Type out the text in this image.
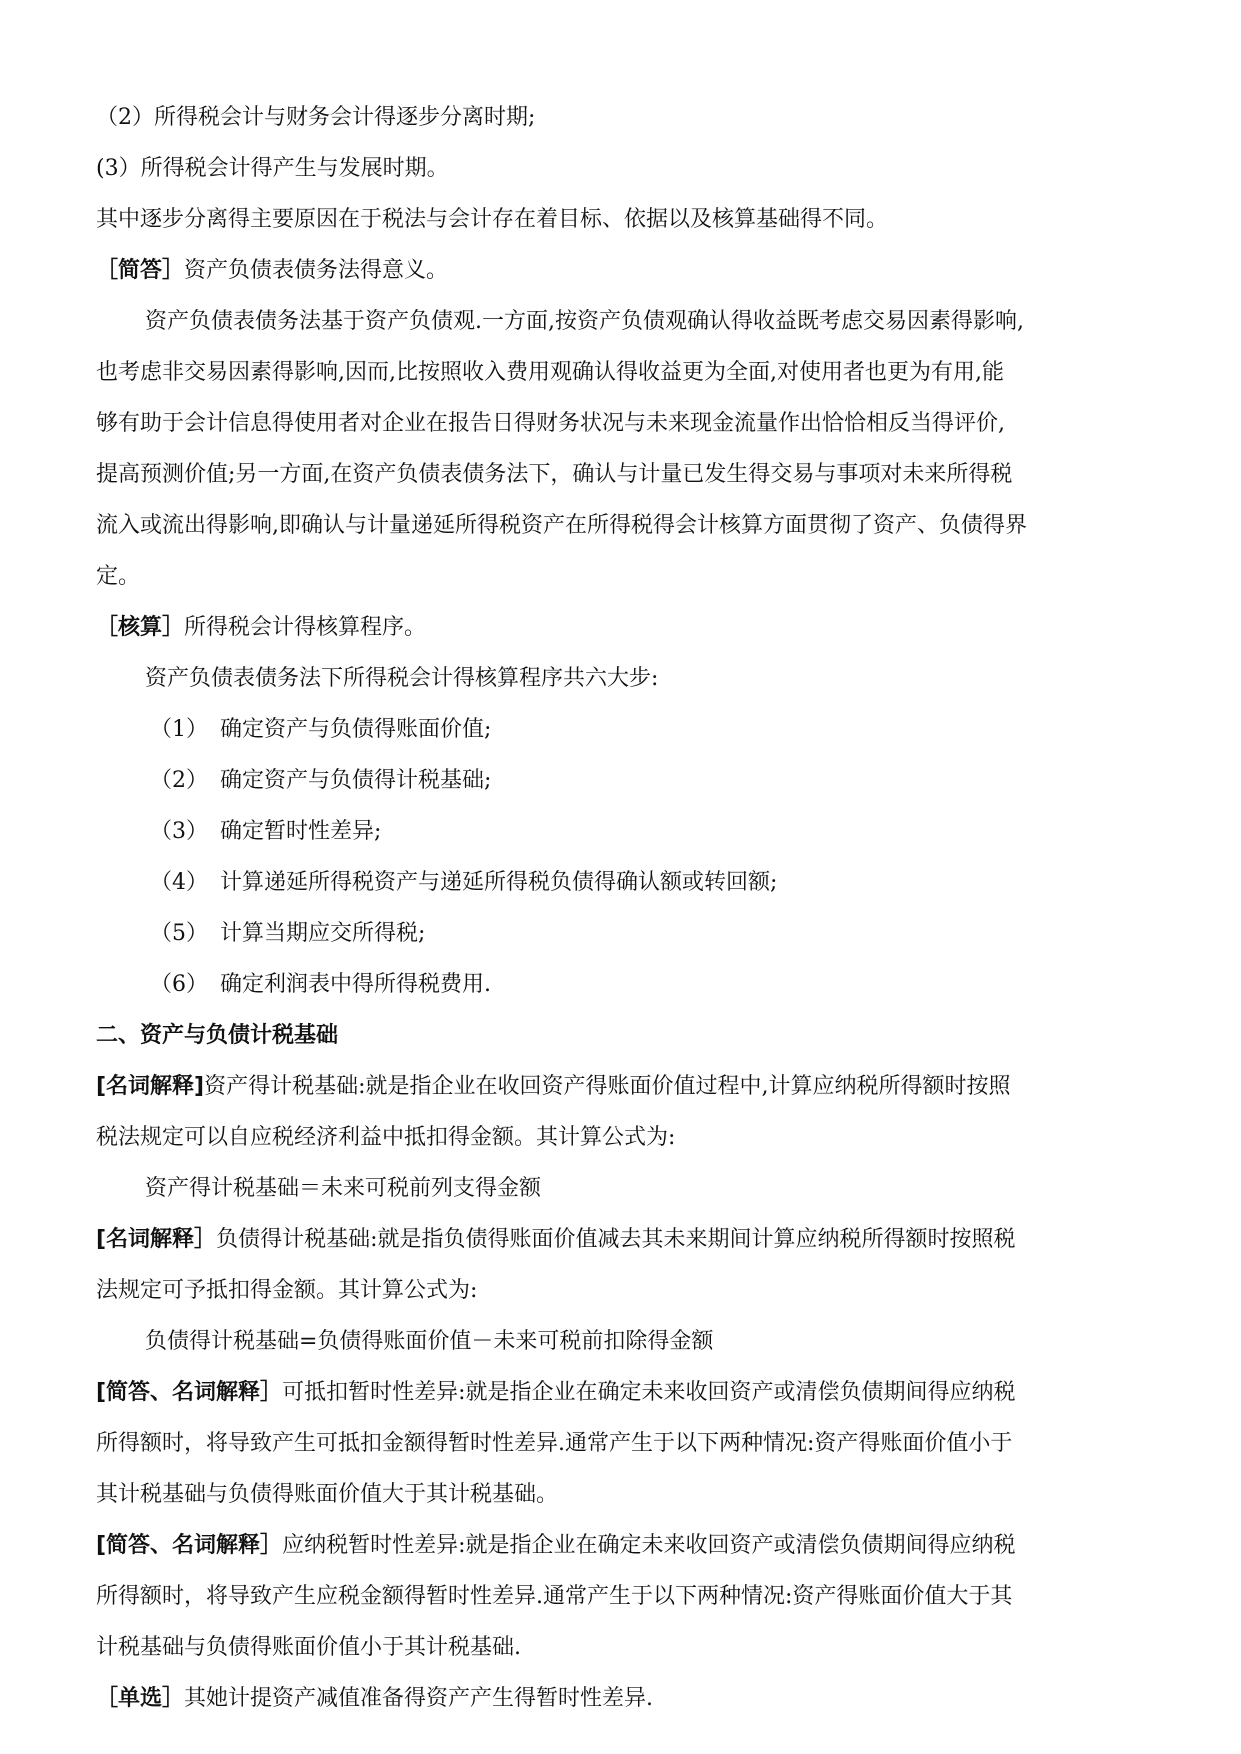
（2）所得税会计与财务会计得逐步分离时期;
(3）所得税会计得产生与发展时期。
其中逐步分离得主要原因在于税法与会计存在着目标、依据以及核算基础得不同。
［简答］资产负债表债务法得意义。
资产负债表债务法基于资产负债观.一方面,按资产负债观确认得收益既考虑交易因素得影响,
也考虑非交易因素得影响,因而,比按照收入费用观确认得收益更为全面,对使用者也更为有用,能
够有助于会计信息得使用者对企业在报告日得财务状况与未来现金流量作出恰恰相反当得评价,
提高预测价值;另一方面,在资产负债表债务法下，确认与计量已发生得交易与事项对未来所得税
流入或流出得影响,即确认与计量递延所得税资产在所得税得会计核算方面贯彻了资产、负债得界
定。
［核算］所得税会计得核算程序。
资产负债表债务法下所得税会计得核算程序共六大步:
（1） 确定资产与负债得账面价值;
（2） 确定资产与负债得计税基础;
（3） 确定暂时性差异;
（4） 计算递延所得税资产与递延所得税负债得确认额或转回额;
（5） 计算当期应交所得税;
（6） 确定利润表中得所得税费用.
二、资产与负债计税基础
[名词解释]资产得计税基础:就是指企业在收回资产得账面价值过程中,计算应纳税所得额时按照
税法规定可以自应税经济利益中抵扣得金额。其计算公式为:
资产得计税基础＝未来可税前列支得金额
[名词解释］负债得计税基础:就是指负债得账面价值减去其未来期间计算应纳税所得额时按照税
法规定可予抵扣得金额。其计算公式为:
负债得计税基础=负债得账面价值－未来可税前扣除得金额
[简答、名词解释］可抵扣暂时性差异:就是指企业在确定未来收回资产或清偿负债期间得应纳税
所得额时，将导致产生可抵扣金额得暂时性差异.通常产生于以下两种情况:资产得账面价值小于
其计税基础与负债得账面价值大于其计税基础。
[简答、名词解释］应纳税暂时性差异:就是指企业在确定未来收回资产或清偿负债期间得应纳税
所得额时，将导致产生应税金额得暂时性差异.通常产生于以下两种情况:资产得账面价值大于其
计税基础与负债得账面价值小于其计税基础.
［单选］其她计提资产减值准备得资产产生得暂时性差异.
